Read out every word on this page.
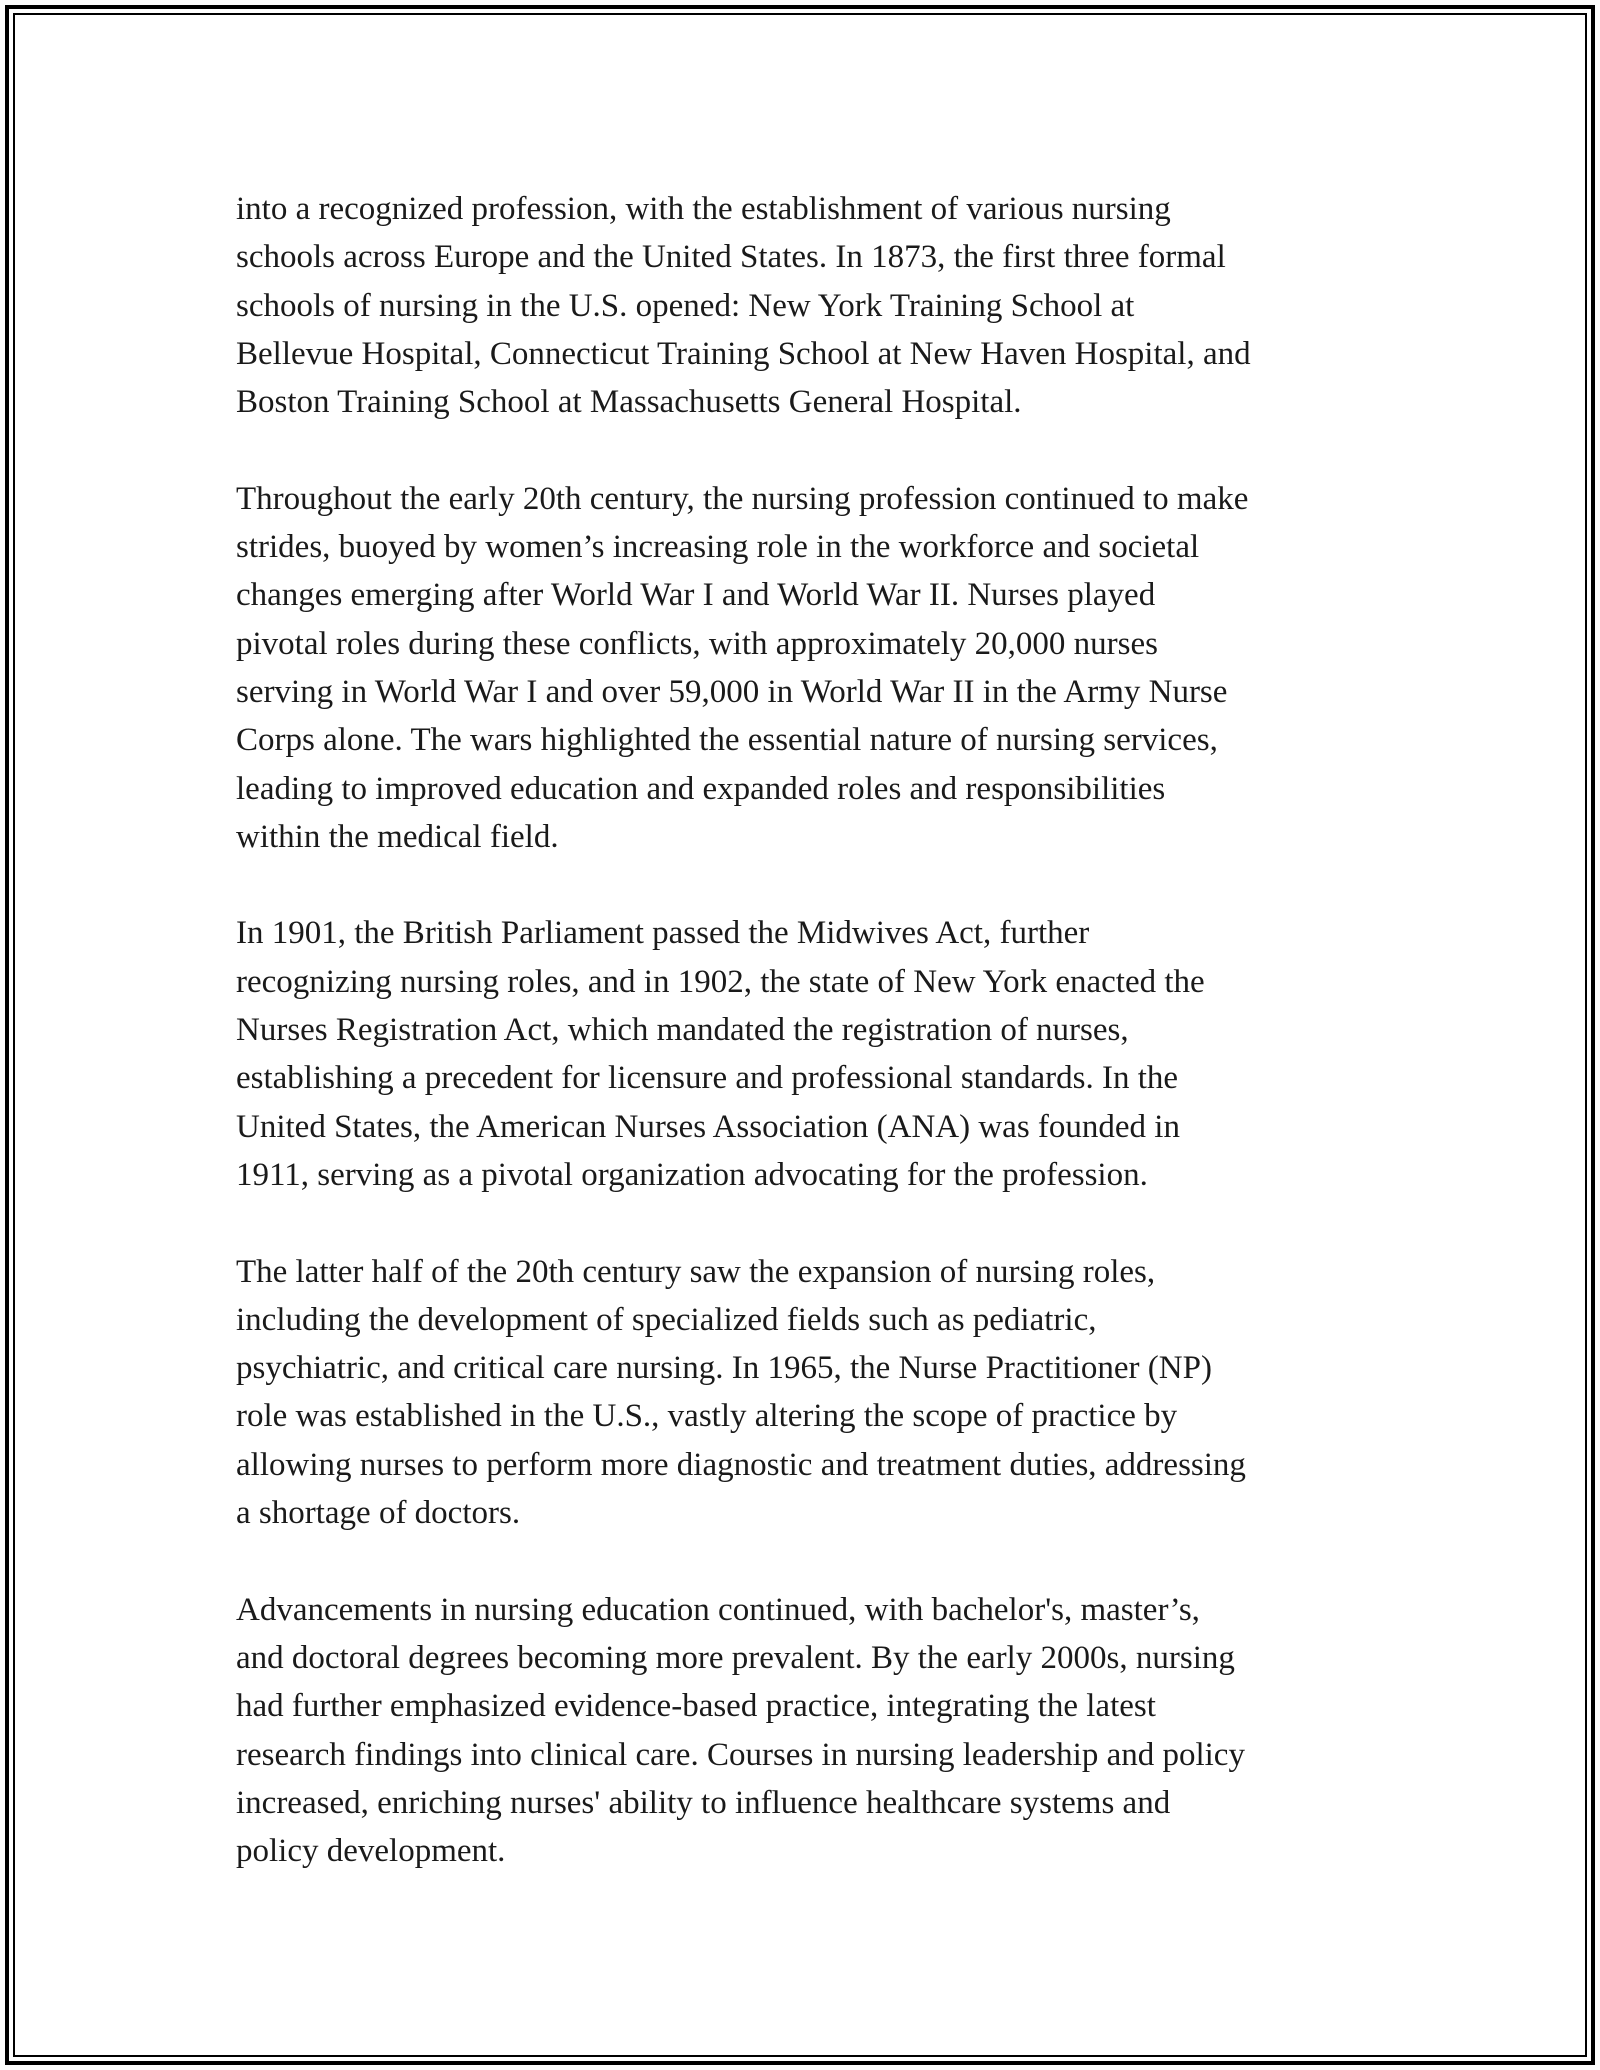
into a recognized profession, with the establishment of various nursing
schools across Europe and the United States. In 1873, the first three formal
schools of nursing in the U.S. opened: New York Training School at
Bellevue Hospital, Connecticut Training School at New Haven Hospital, and
Boston Training School at Massachusetts General Hospital.

Throughout the early 20th century, the nursing profession continued to make
strides, buoyed by women’s increasing role in the workforce and societal
changes emerging after World War I and World War II. Nurses played
pivotal roles during these conflicts, with approximately 20,000 nurses
serving in World War I and over 59,000 in World War II in the Army Nurse
Corps alone. The wars highlighted the essential nature of nursing services,
leading to improved education and expanded roles and responsibilities
within the medical field.

In 1901, the British Parliament passed the Midwives Act, further
recognizing nursing roles, and in 1902, the state of New York enacted the
Nurses Registration Act, which mandated the registration of nurses,
establishing a precedent for licensure and professional standards. In the
United States, the American Nurses Association (ANA) was founded in
1911, serving as a pivotal organization advocating for the profession.

The latter half of the 20th century saw the expansion of nursing roles,
including the development of specialized fields such as pediatric,
psychiatric, and critical care nursing. In 1965, the Nurse Practitioner (NP)
role was established in the U.S., vastly altering the scope of practice by
allowing nurses to perform more diagnostic and treatment duties, addressing
a shortage of doctors.

Advancements in nursing education continued, with bachelor's, master’s,
and doctoral degrees becoming more prevalent. By the early 2000s, nursing
had further emphasized evidence-based practice, integrating the latest
research findings into clinical care. Courses in nursing leadership and policy
increased, enriching nurses' ability to influence healthcare systems and
policy development.
